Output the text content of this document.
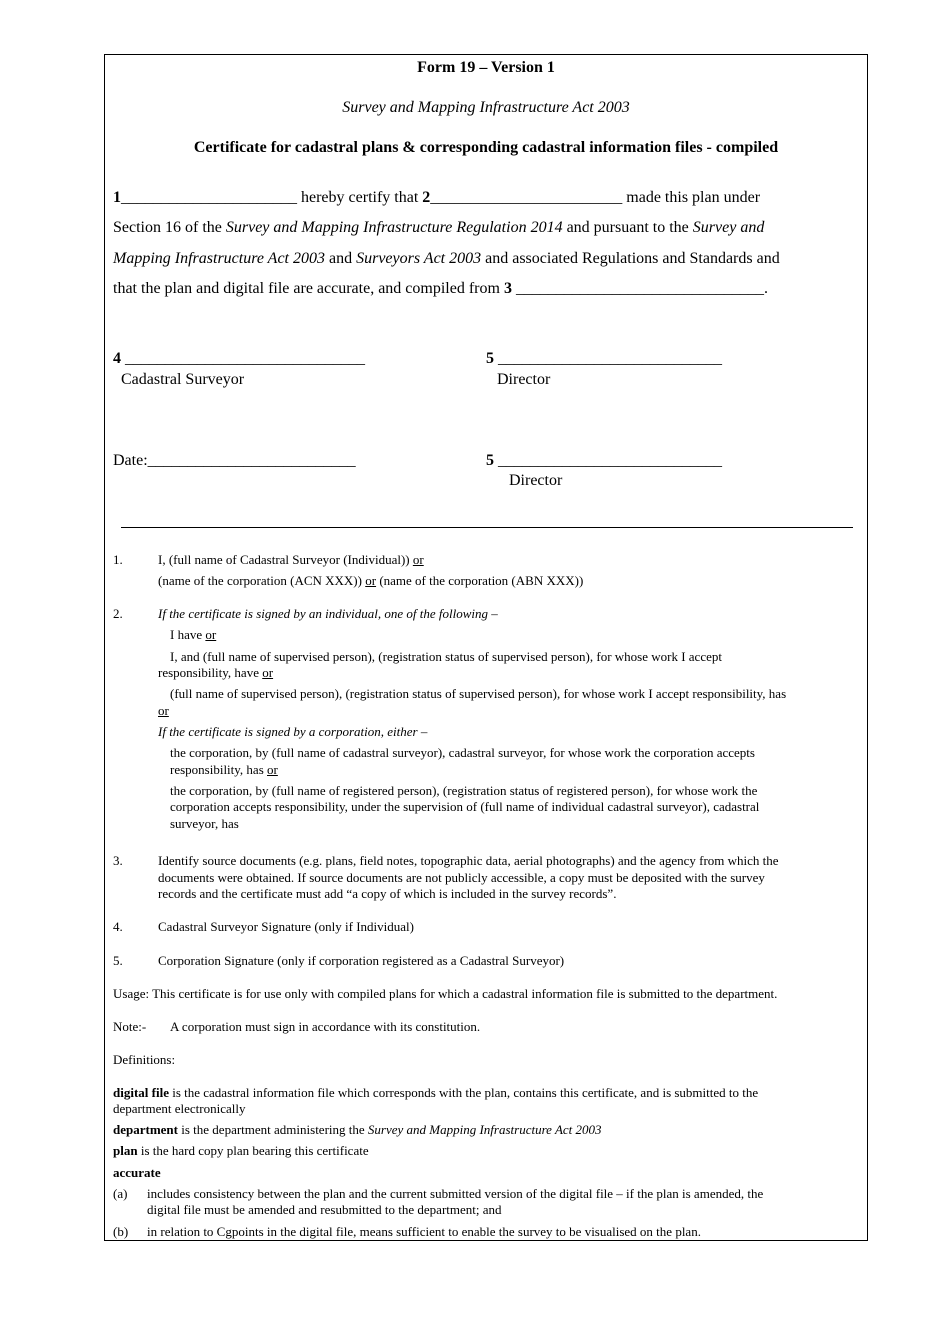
Form 19 – Version 1
Survey and Mapping Infrastructure Act 2003
Certificate for cadastral plans & corresponding cadastral information files - compiled
1______________________ hereby certify that 2________________________ made this plan under
Section 16 of the Survey and Mapping Infrastructure Regulation 2014 and pursuant to the Survey and
Mapping Infrastructure Act 2003 and Surveyors Act 2003 and associated Regulations and Standards and
that the plan and digital file are accurate, and compiled from 3 _______________________________.
4 ______________________________
Cadastral Surveyor
5 ____________________________
Director
Date:__________________________	5 ____________________________
Director
1.	I, (full name of Cadastral Surveyor (Individual)) or
(name of the corporation (ACN XXX)) or (name of the corporation (ABN XXX))
2.	If the certificate is signed by an individual, one of the following –
I have or
I, and (full name of supervised person), (registration status of supervised person), for whose work I accept
responsibility, have or
(full name of supervised person), (registration status of supervised person), for whose work I accept responsibility, has
or
If the certificate is signed by a corporation, either –
the corporation, by (full name of cadastral surveyor), cadastral surveyor, for whose work the corporation accepts
responsibility, has or
the corporation, by (full name of registered person), (registration status of registered person), for whose work the
corporation accepts responsibility, under the supervision of (full name of individual cadastral surveyor), cadastral
surveyor, has
3.	Identify source documents (e.g. plans, field notes, topographic data, aerial photographs) and the agency from which the
documents were obtained. If source documents are not publicly accessible, a copy must be deposited with the survey
records and the certificate must add “a copy of which is included in the survey records”.
4.	Cadastral Surveyor Signature (only if Individual)
5.	Corporation Signature (only if corporation registered as a Cadastral Surveyor)
Usage: This certificate is for use only with compiled plans for which a cadastral information file is submitted to the department.
Note:- A corporation must sign in accordance with its constitution.
Definitions:
digital file is the cadastral information file which corresponds with the plan, contains this certificate, and is submitted to the
department electronically
department is the department administering the Survey and Mapping Infrastructure Act 2003
plan is the hard copy plan bearing this certificate
accurate
(a) includes consistency between the plan and the current submitted version of the digital file – if the plan is amended, the
digital file must be amended and resubmitted to the department; and
(b) in relation to Cgpoints in the digital file, means sufficient to enable the survey to be visualised on the plan.
